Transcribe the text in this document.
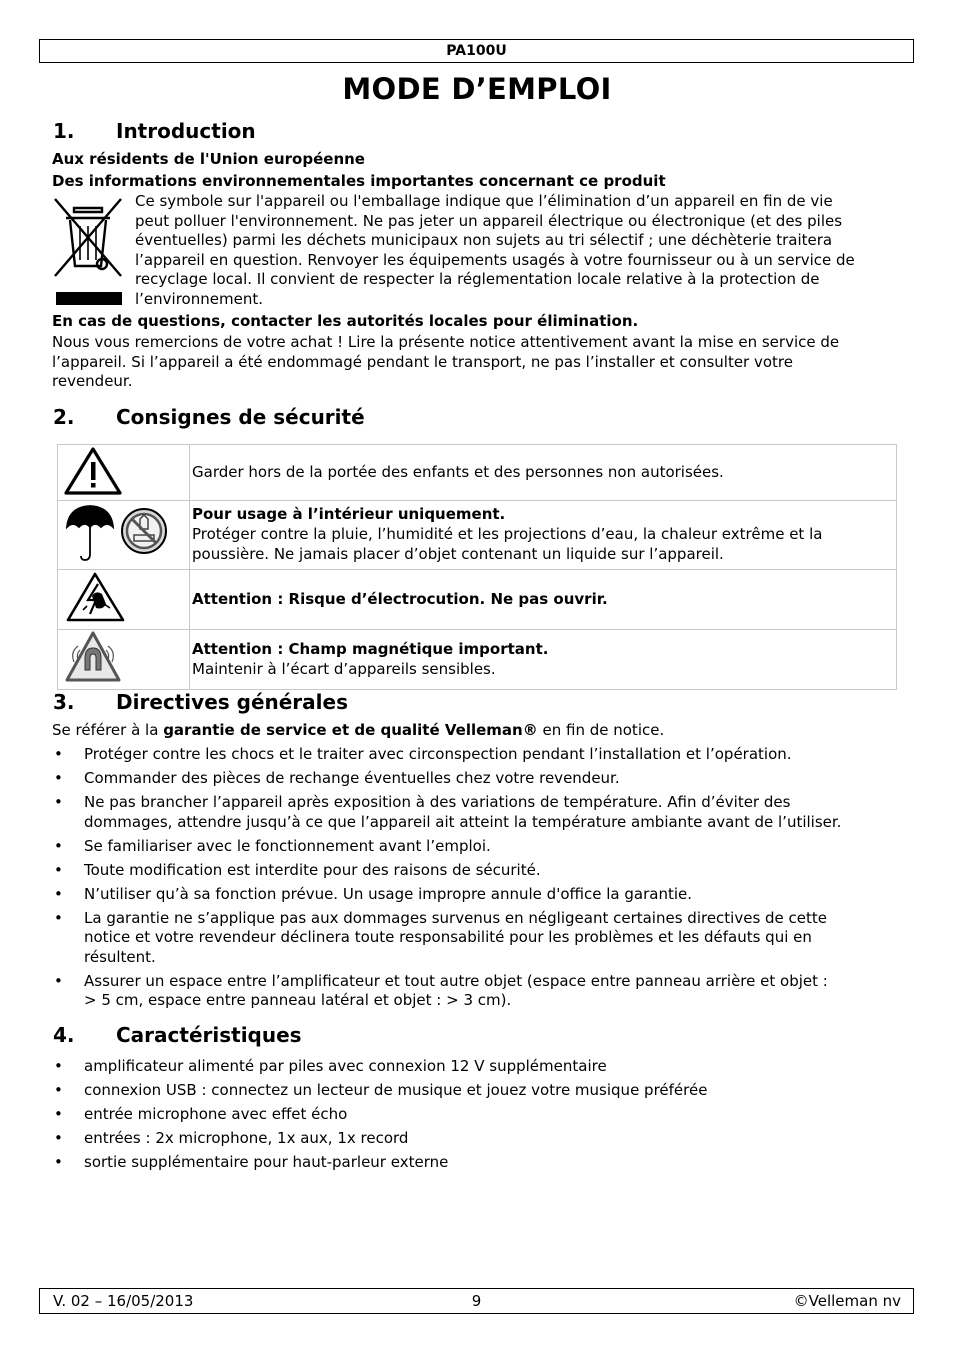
PA100U
MODE D’EMPLOI
1. Introduction
Aux résidents de l'Union européenne
Des informations environnementales importantes concernant ce produit
Ce symbole sur l'appareil ou l'emballage indique que l’élimination d’un appareil en fin de vie
peut polluer l'environnement. Ne pas jeter un appareil électrique ou électronique (et des piles
éventuelles) parmi les déchets municipaux non sujets au tri sélectif ; une déchèterie traitera
l’appareil en question. Renvoyer les équipements usagés à votre fournisseur ou à un service de
recyclage local. Il convient de respecter la réglementation locale relative à la protection de
l’environnement.
En cas de questions, contacter les autorités locales pour élimination.
Nous vous remercions de votre achat ! Lire la présente notice attentivement avant la mise en service de
l’appareil. Si l’appareil a été endommagé pendant le transport, ne pas l’installer et consulter votre
revendeur.
2. Consignes de sécurité
	Garder hors de la portée des enfants et des personnes non autorisées.

Pour usage à l’intérieur uniquement.
Protéger contre la pluie, l’humidité et les projections d’eau, la chaleur extrême et la
poussière. Ne jamais placer d’objet contenant un liquide sur l’appareil.

	Attention : Risque d’électrocution. Ne pas ouvrir.

Attention : Champ magnétique important.
Maintenir à l’écart d’appareils sensibles.
3. Directives générales
Se référer à la garantie de service et de qualité Velleman® en fin de notice.
• Protéger contre les chocs et le traiter avec circonspection pendant l’installation et l’opération.
• Commander des pièces de rechange éventuelles chez votre revendeur.
• Ne pas brancher l’appareil après exposition à des variations de température. Afin d’éviter des
dommages, attendre jusqu’à ce que l’appareil ait atteint la température ambiante avant de l’utiliser.
• Se familiariser avec le fonctionnement avant l’emploi.
• Toute modification est interdite pour des raisons de sécurité.
• N’utiliser qu’à sa fonction prévue. Un usage impropre annule d'office la garantie.
• La garantie ne s’applique pas aux dommages survenus en négligeant certaines directives de cette
notice et votre revendeur déclinera toute responsabilité pour les problèmes et les défauts qui en
résultent.
• Assurer un espace entre l’amplificateur et tout autre objet (espace entre panneau arrière et objet :
> 5 cm, espace entre panneau latéral et objet : > 3 cm).
4. Caractéristiques
• amplificateur alimenté par piles avec connexion 12 V supplémentaire
• connexion USB : connectez un lecteur de musique et jouez votre musique préférée
• entrée microphone avec effet écho
• entrées : 2x microphone, 1x aux, 1x record
• sortie supplémentaire pour haut-parleur externe
V. 02 – 16/05/2013	9	©Velleman nv
